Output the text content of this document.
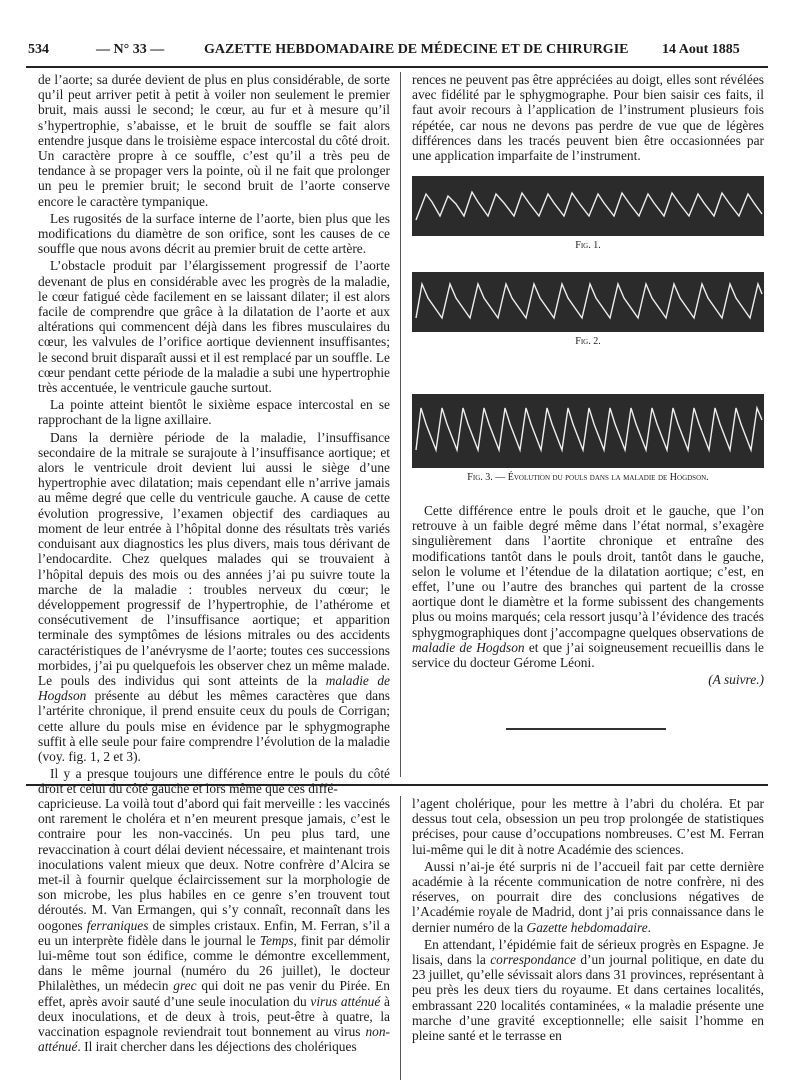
534	— N° 33 —	GAZETTE HEBDOMADAIRE DE MÉDECINE ET DE CHIRURGIE 14 Aout 1885

de l’aorte; sa durée devient de plus en plus considérable, de sorte qu’il peut arriver petit à petit à voiler non seulement le premier bruit, mais aussi le second; le cœur, au fur et à mesure qu’il s’hypertrophie, s’abaisse, et le bruit de souffle se fait alors entendre jusque dans le troisième espace intercostal du côté droit. Un caractère propre à ce souffle, c’est qu’il a très peu de tendance à se propager vers la pointe, où il ne fait que prolonger un peu le premier bruit; le second bruit de l’aorte conserve encore le caractère tympanique.

Les rugosités de la surface interne de l’aorte, bien plus que les modifications du diamètre de son orifice, sont les causes de ce souffle que nous avons décrit au premier bruit de cette artère.

L’obstacle produit par l’élargissement progressif de l’aorte devenant de plus en considérable avec les progrès de la maladie, le cœur fatigué cède facilement en se laissant dilater; il est alors facile de comprendre que grâce à la dilatation de l’aorte et aux altérations qui commencent déjà dans les fibres musculaires du cœur, les valvules de l’orifice aortique deviennent insuffisantes; le second bruit disparaît aussi et il est remplacé par un souffle. Le cœur pendant cette période de la maladie a subi une hypertrophie très accentuée, le ventricule gauche surtout.

La pointe atteint bientôt le sixième espace intercostal en se rapprochant de la ligne axillaire.

Dans la dernière période de la maladie, l’insuffisance secondaire de la mitrale se surajoute à l’insuffisance aortique; et alors le ventricule droit devient lui aussi le siège d’une hypertrophie avec dilatation; mais cependant elle n’arrive jamais au même degré que celle du ventricule gauche. A cause de cette évolution progressive, l’examen objectif des cardiaques au moment de leur entrée à l’hôpital donne des résultats très variés conduisant aux diagnostics les plus divers, mais tous dérivant de l’endocardite. Chez quelques malades qui se trouvaient à l’hôpital depuis des mois ou des années j’ai pu suivre toute la marche de la maladie : troubles nerveux du cœur; le développement progressif de l’hypertrophie, de l’athérome et consécutivement de l’insuffisance aortique; et apparition terminale des symptômes de lésions mitrales ou des accidents caractéristiques de l’anévrysme de l’aorte; toutes ces successions morbides, j’ai pu quelquefois les observer chez un même malade. Le pouls des individus qui sont atteints de la maladie de Hogdson présente au début les mêmes caractères que dans l’artérite chronique, il prend ensuite ceux du pouls de Corrigan; cette allure du pouls mise en évidence par le sphygmographe suffit à elle seule pour faire comprendre l’évolution de la maladie (voy. fig. 1, 2 et 3).

Il y a presque toujours une différence entre le pouls du côté droit et celui du côté gauche et lors même que ces diffé-

rences ne peuvent pas être appréciées au doigt, elles sont révélées avec fidélité par le sphygmographe. Pour bien saisir ces faits, il faut avoir recours à l’application de l’instrument plusieurs fois répétée, car nous ne devons pas perdre de vue que de légères différences dans les tracés peuvent bien être occasionnées par une application imparfaite de l’instrument.

Fig. 1.
Fig. 2.
Fig. 3. — Évolution du pouls dans la maladie de Hogdson.

Cette différence entre le pouls droit et le gauche, que l’on retrouve à un faible degré même dans l’état normal, s’exagère singulièrement dans l’aortite chronique et entraîne des modifications tantôt dans le pouls droit, tantôt dans le gauche, selon le volume et l’étendue de la dilatation aortique; c’est, en effet, l’une ou l’autre des branches qui partent de la crosse aortique dont le diamètre et la forme subissent des changements plus ou moins marqués; cela ressort jusqu’à l’évidence des tracés sphygmographiques dont j’accompagne quelques observations de maladie de Hogdson et que j’ai soigneusement recueillis dans le service du docteur Gérome Léoni.

(A suivre.)

capricieuse. La voilà tout d’abord qui fait merveille : les vaccinés ont rarement le choléra et n’en meurent presque jamais, c’est le contraire pour les non-vaccinés. Un peu plus tard, une revaccination à court délai devient nécessaire, et maintenant trois inoculations valent mieux que deux. Notre confrère d’Alcira se met-il à fournir quelque éclaircissement sur la morphologie de son microbe, les plus habiles en ce genre s’en trouvent tout déroutés. M. Van Ermangen, qui s’y connaît, reconnaît dans les oogones ferraniques de simples cristaux. Enfin, M. Ferran, s’il a eu un interprète fidèle dans le journal le Temps, finit par démolir lui-même tout son édifice, comme le démontre excellemment, dans le même journal (numéro du 26 juillet), le docteur Philalèthes, un médecin grec qui doit ne pas venir du Pirée. En effet, après avoir sauté d’une seule inoculation du virus atténué à deux inoculations, et de deux à trois, peut-être à quatre, la vaccination espagnole reviendrait tout bonnement au virus non-atténué. Il irait chercher dans les déjections des cholériques

l’agent cholérique, pour les mettre à l’abri du choléra. Et par dessus tout cela, obsession un peu trop prolongée de statistiques précises, pour cause d’occupations nombreuses. C’est M. Ferran lui-même qui le dit à notre Académie des sciences.

Aussi n’ai-je été surpris ni de l’accueil fait par cette dernière académie à la récente communication de notre confrère, ni des réserves, on pourrait dire des conclusions négatives de l’Académie royale de Madrid, dont j’ai pris connaissance dans le dernier numéro de la Gazette hebdomadaire.

En attendant, l’épidémie fait de sérieux progrès en Espagne. Je lisais, dans la correspondance d’un journal politique, en date du 23 juillet, qu’elle sévissait alors dans 31 provinces, représentant à peu près les deux tiers du royaume. Et dans certaines localités, embrassant 220 localités contaminées, « la maladie présente une marche d’une gravité exceptionnelle; elle saisit l’homme en pleine santé et le terrasse en
